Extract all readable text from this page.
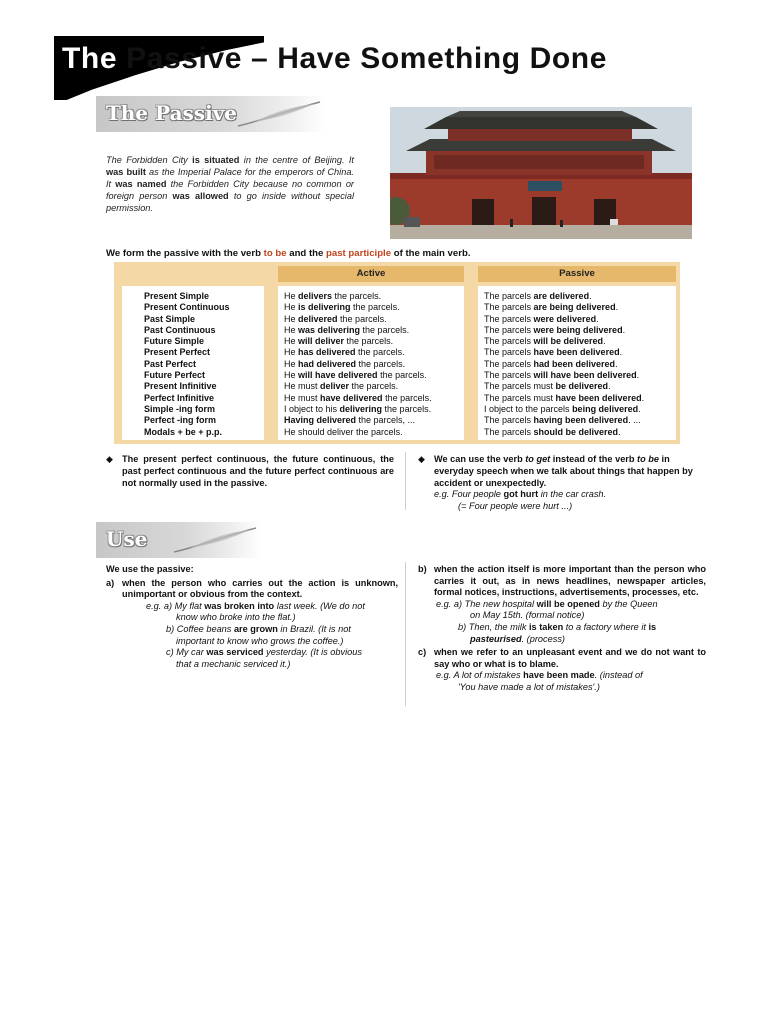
The Passive – Have Something Done
The Passive
The Forbidden City is situated in the centre of Beijing. It was built as the Imperial Palace for the emperors of China. It was named the Forbidden City because no common or foreign person was allowed to go inside without special permission.
We form the passive with the verb to be and the past participle of the main verb.
Active	Passive
Present Simple
Present Continuous
Past Simple
Past Continuous
Future Simple
Present Perfect
Past Perfect
Future Perfect
Present Infinitive
Perfect Infinitive
Simple -ing form
Perfect -ing form
Modals + be + p.p.
He delivers the parcels.
He is delivering the parcels.
He delivered the parcels.
He was delivering the parcels.
He will deliver the parcels.
He has delivered the parcels.
He had delivered the parcels.
He will have delivered the parcels.
He must deliver the parcels.
He must have delivered the parcels.
I object to his delivering the parcels.
Having delivered the parcels, ...
He should deliver the parcels.
The parcels are delivered.
The parcels are being delivered.
The parcels were delivered.
The parcels were being delivered.
The parcels will be delivered.
The parcels have been delivered.
The parcels had been delivered.
The parcels will have been delivered.
The parcels must be delivered.
The parcels must have been delivered.
I object to the parcels being delivered.
The parcels having been delivered. ...
The parcels should be delivered.
◆ The present perfect continuous, the future continuous, the past perfect continuous and the future perfect continuous are not normally used in the passive.
◆ We can use the verb to get instead of the verb to be in everyday speech when we talk about things that happen by accident or unexpectedly.
e.g. Four people got hurt in the car crash.
(= Four people were hurt ...)
Use
We use the passive:
a) when the person who carries out the action is unknown, unimportant or obvious from the context.
e.g. a) My flat was broken into last week. (We do not
know who broke into the flat.)
b) Coffee beans are grown in Brazil. (It is not
important to know who grows the coffee.)
c) My car was serviced yesterday. (It is obvious
that a mechanic serviced it.)
b) when the action itself is more important than the person who carries it out, as in news headlines, newspaper articles, formal notices, instructions, advertisements, processes, etc.
e.g. a) The new hospital will be opened by the Queen
on May 15th. (formal notice)
b) Then, the milk is taken to a factory where it is
pasteurised. (process)
c) when we refer to an unpleasant event and we do not want to say who or what is to blame.
e.g. A lot of mistakes have been made. (instead of
'You have made a lot of mistakes'.)
